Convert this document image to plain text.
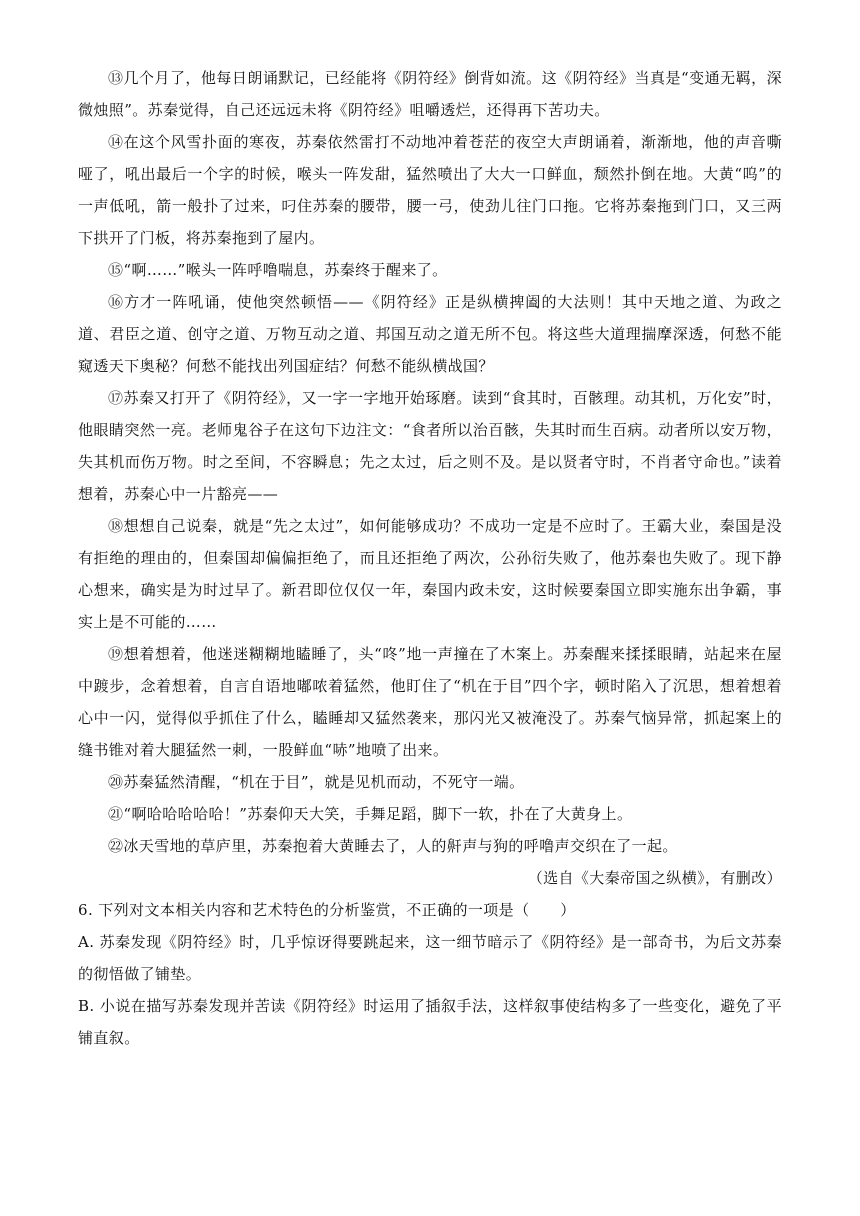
⑬几个月了，他每日朗诵默记，已经能将《阴符经》倒背如流。这《阴符经》当真是“变通无羁，深微烛照”。苏秦觉得，自己还远远未将《阴符经》咀嚼透烂，还得再下苦功夫。

⑭在这个风雪扑面的寒夜，苏秦依然雷打不动地冲着苍茫的夜空大声朗诵着，渐渐地，他的声音嘶哑了，吼出最后一个字的时候，喉头一阵发甜，猛然喷出了大大一口鲜血，颓然扑倒在地。大黄“呜”的一声低吼，箭一般扑了过来，叼住苏秦的腰带，腰一弓，使劲儿往门口拖。它将苏秦拖到门口，又三两下拱开了门板，将苏秦拖到了屋内。

⑮“啊……”喉头一阵呼噜喘息，苏秦终于醒来了。

⑯方才一阵吼诵，使他突然顿悟——《阴符经》正是纵横捭阖的大法则！其中天地之道、为政之道、君臣之道、创守之道、万物互动之道、邦国互动之道无所不包。将这些大道理揣摩深透，何愁不能窥透天下奥秘？何愁不能找出列国症结？何愁不能纵横战国？

⑰苏秦又打开了《阴符经》，又一字一字地开始琢磨。读到“食其时，百骸理。动其机，万化安”时，他眼睛突然一亮。老师鬼谷子在这句下边注文：“食者所以治百骸，失其时而生百病。动者所以安万物，失其机而伤万物。时之至间，不容瞬息；先之太过，后之则不及。是以贤者守时，不肖者守命也。”读着想着，苏秦心中一片豁亮——

⑱想想自己说秦，就是“先之太过”，如何能够成功？不成功一定是不应时了。王霸大业，秦国是没有拒绝的理由的，但秦国却偏偏拒绝了，而且还拒绝了两次，公孙衍失败了，他苏秦也失败了。现下静心想来，确实是为时过早了。新君即位仅仅一年，秦国内政未安，这时候要秦国立即实施东出争霸，事实上是不可能的……

⑲想着想着，他迷迷糊糊地瞌睡了，头“咚”地一声撞在了木案上。苏秦醒来揉揉眼睛，站起来在屋中踱步，念着想着，自言自语地嘟哝着猛然，他盯住了“机在于目”四个字，顿时陷入了沉思，想着想着心中一闪，觉得似乎抓住了什么，瞌睡却又猛然袭来，那闪光又被淹没了。苏秦气恼异常，抓起案上的缝书锥对着大腿猛然一刺，一股鲜血“哧”地喷了出来。

⑳苏秦猛然清醒，“机在于目”，就是见机而动，不死守一端。

㉑“啊哈哈哈哈哈！”苏秦仰天大笑，手舞足蹈，脚下一软，扑在了大黄身上。

㉒冰天雪地的草庐里，苏秦抱着大黄睡去了，人的鼾声与狗的呼噜声交织在了一起。

（选自《大秦帝国之纵横》，有删改）

6. 下列对文本相关内容和艺术特色的分析鉴赏，不正确的一项是（　　）

A. 苏秦发现《阴符经》时，几乎惊讶得要跳起来，这一细节暗示了《阴符经》是一部奇书，为后文苏秦的彻悟做了铺垫。

B. 小说在描写苏秦发现并苦读《阴符经》时运用了插叙手法，这样叙事使结构多了一些变化，避免了平铺直叙。
